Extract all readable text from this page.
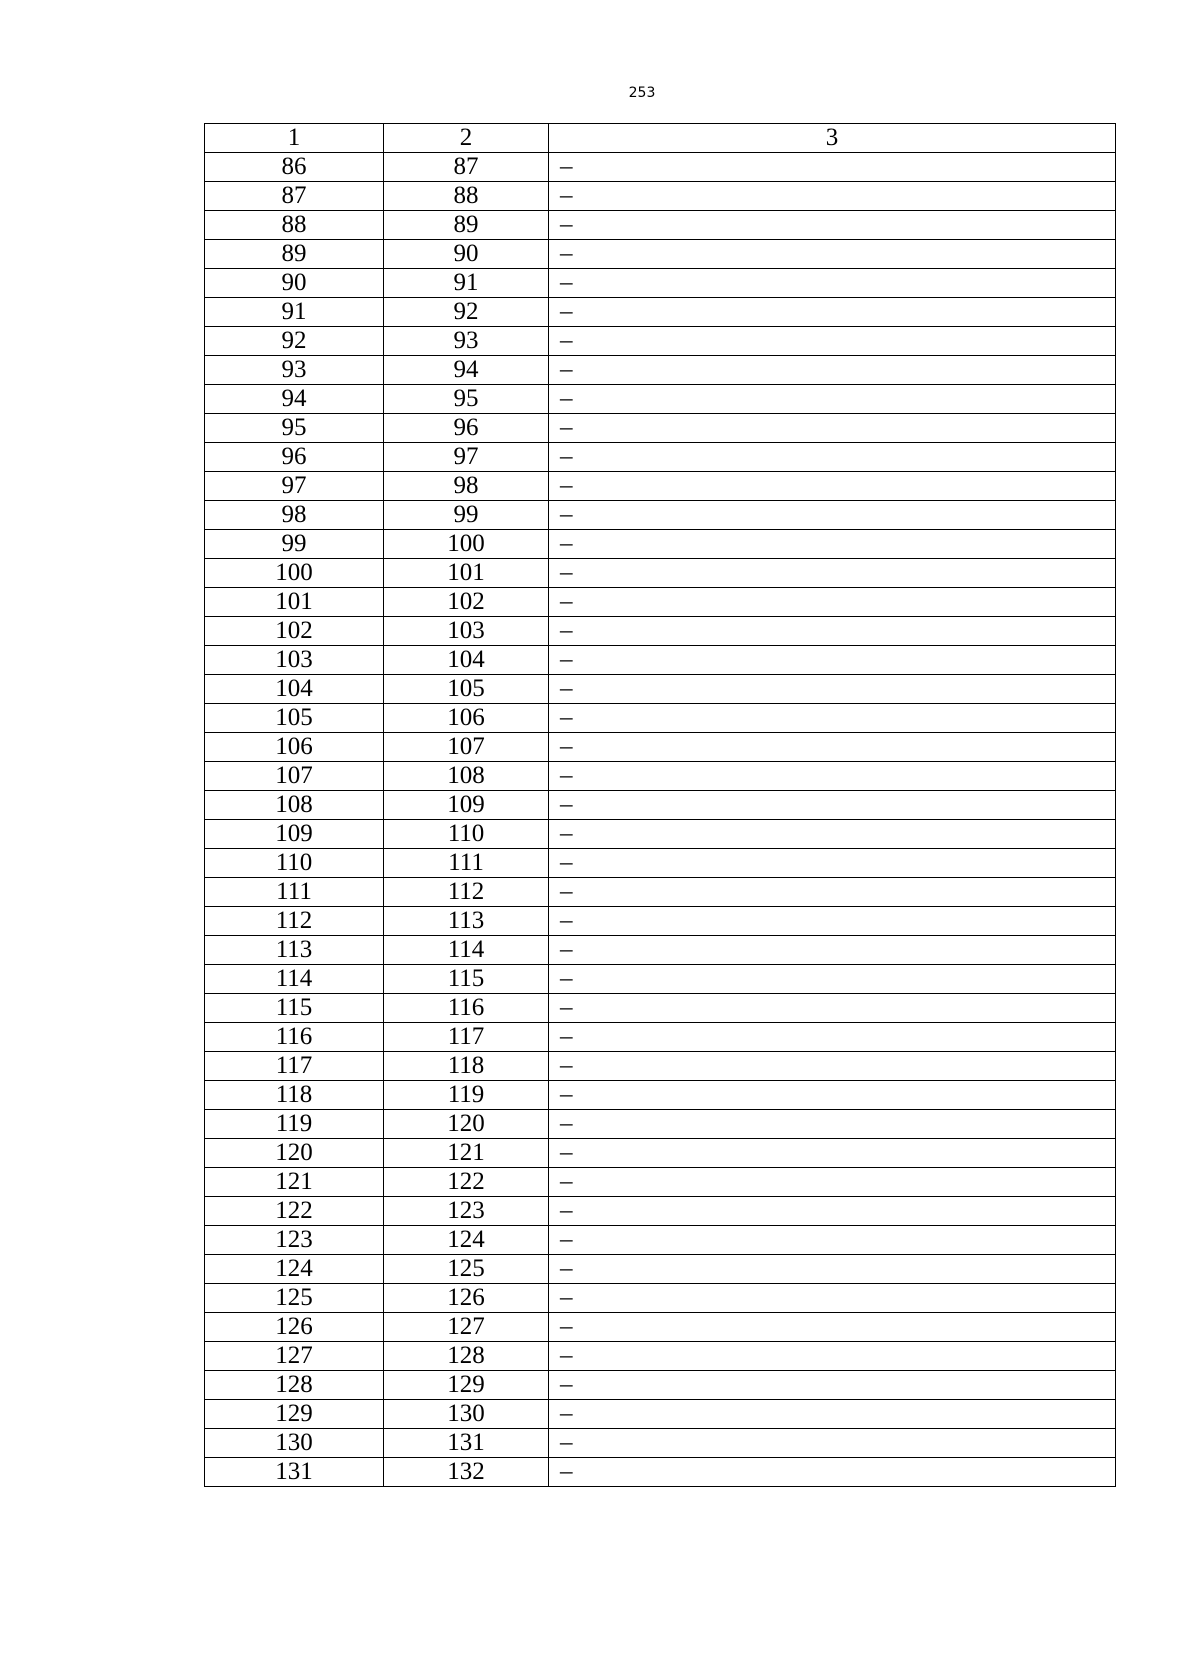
253
1	2	3
86	87	–
87	88	–
88	89	–
89	90	–
90	91	–
91	92	–
92	93	–
93	94	–
94	95	–
95	96	–
96	97	–
97	98	–
98	99	–
99	100	–
100	101	–
101	102	–
102	103	–
103	104	–
104	105	–
105	106	–
106	107	–
107	108	–
108	109	–
109	110	–
110	111	–
111	112	–
112	113	–
113	114	–
114	115	–
115	116	–
116	117	–
117	118	–
118	119	–
119	120	–
120	121	–
121	122	–
122	123	–
123	124	–
124	125	–
125	126	–
126	127	–
127	128	–
128	129	–
129	130	–
130	131	–
131	132	–
